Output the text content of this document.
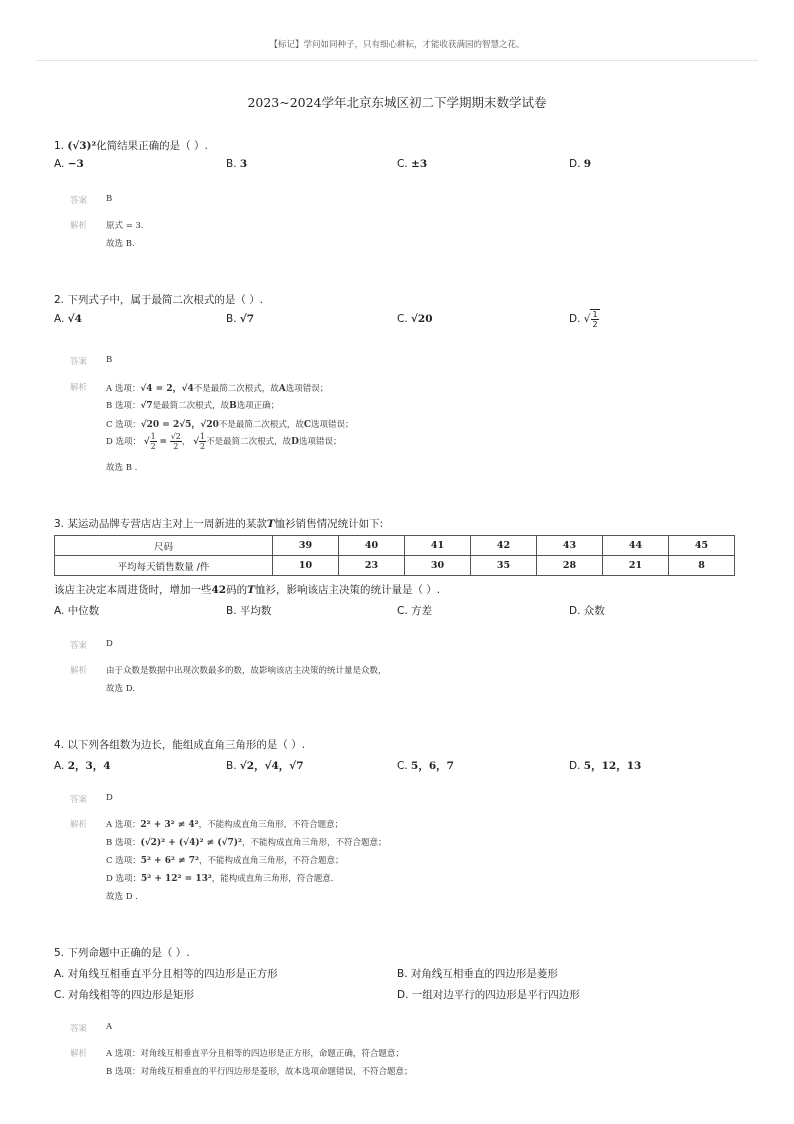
【标记】学问如同种子，只有细心耕耘，才能收获满园的智慧之花。
2023~2024学年北京东城区初二下学期期末数学试卷
1. (√3)²化简结果正确的是（ ）.
A. −3	B. 3	C. ±3	D. 9
答案 B
解析 原式 = 3.
故选 B.
2. 下列式子中，属于最简二次根式的是（ ）.
A. √4	B. √7	C. √20	D. √ $\frac{1}{2}$
答案 B
解析 A 选项：√4 = 2，√4不是最简二次根式，故A选项错误；
B 选项：√7是最简二次根式，故B选项正确；
C 选项：√20 = 2√5，√20不是最简二次根式，故C选项错误；
D 选项： √ $\frac{1}{2} = \frac{√2}{2}$ ， √ $\frac{1}{2}$ 不是最简二次根式，故D选项错误；
故选 B .
3. 某运动品牌专营店店主对上一周新进的某款T恤衫销售情况统计如下:
尺码	39	40	41	42	43	44	45
平均每天销售数量 /件	10	23	30	35	28	21	8
该店主决定本周进货时，增加一些42码的T恤衫，影响该店主决策的统计量是（ ）.
A. 中位数	B. 平均数	C. 方差	D. 众数
答案 D
解析 由于众数是数据中出现次数最多的数，故影响该店主决策的统计量是众数，
故选 D.
4. 以下列各组数为边长，能组成直角三角形的是（ ）.
A. 2，3，4	B. √2，√4，√7	C. 5，6，7	D. 5，12，13
答案 D
解析 A 选项：2² + 3² ≠ 4²，不能构成直角三角形，不符合题意；
B 选项：(√2)² + (√4)² ≠ (√7)²，不能构成直角三角形，不符合题意；
C 选项：5² + 6² ≠ 7²，不能构成直角三角形，不符合题意；
D 选项：5² + 12² = 13²，能构成直角三角形，符合题意.
故选 D .
5. 下列命题中正确的是（ ）.
A. 对角线互相垂直平分且相等的四边形是正方形	B. 对角线互相垂直的四边形是菱形
C. 对角线相等的四边形是矩形	D. 一组对边平行的四边形是平行四边形
答案 A
解析 A 选项：对角线互相垂直平分且相等的四边形是正方形，命题正确，符合题意；
B 选项：对角线互相垂直的平行四边形是菱形，故本选项命题错误，不符合题意；
